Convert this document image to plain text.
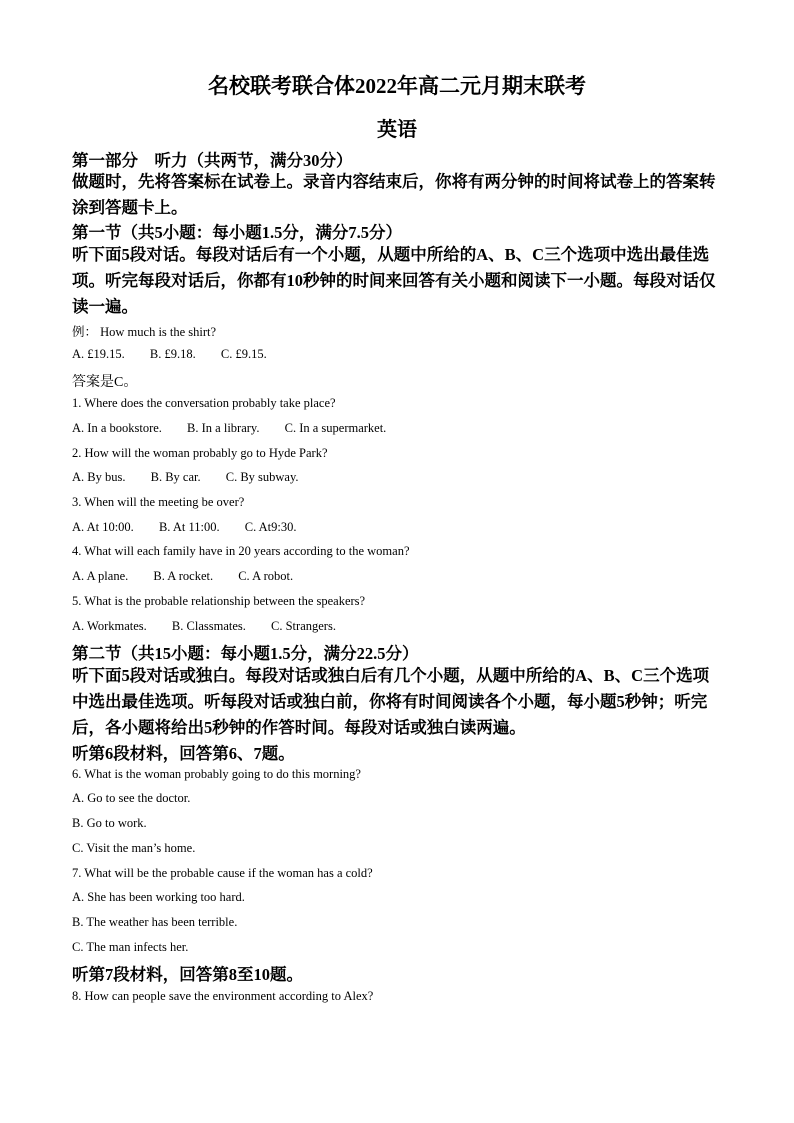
名校联考联合体2022年高二元月期末联考
英语
第一部分　听力（共两节，满分30分）
做题时，先将答案标在试卷上。录音内容结束后，你将有两分钟的时间将试卷上的答案转涂到答题卡上。
第一节（共5小题：每小题1.5分，满分7.5分）
听下面5段对话。每段对话后有一个小题，从题中所给的A、B、C三个选项中选出最佳选项。听完每段对话后，你都有10秒钟的时间来回答有关小题和阅读下一小题。每段对话仅读一遍。
例： How much is the shirt?
A. £19.15. B. £9.18. C. £9.15.
答案是C。
1. Where does the conversation probably take place?
A. In a bookstore. B. In a library. C. In a supermarket.
2. How will the woman probably go to Hyde Park?
A. By bus. B. By car. C. By subway.
3. When will the meeting be over?
A. At 10:00. B. At 11:00. C. At9:30.
4. What will each family have in 20 years according to the woman?
A. A plane. B. A rocket. C. A robot.
5. What is the probable relationship between the speakers?
A. Workmates. B. Classmates. C. Strangers.
第二节（共15小题：每小题1.5分，满分22.5分）
听下面5段对话或独白。每段对话或独白后有几个小题，从题中所给的A、B、C三个选项中选出最佳选项。听每段对话或独白前，你将有时间阅读各个小题，每小题5秒钟；听完后，各小题将给出5秒钟的作答时间。每段对话或独白读两遍。
听第6段材料，回答第6、7题。
6. What is the woman probably going to do this morning?
A. Go to see the doctor.
B. Go to work.
C. Visit the man’s home.
7. What will be the probable cause if the woman has a cold?
A. She has been working too hard.
B. The weather has been terrible.
C. The man infects her.
听第7段材料，回答第8至10题。
8. How can people save the environment according to Alex?
